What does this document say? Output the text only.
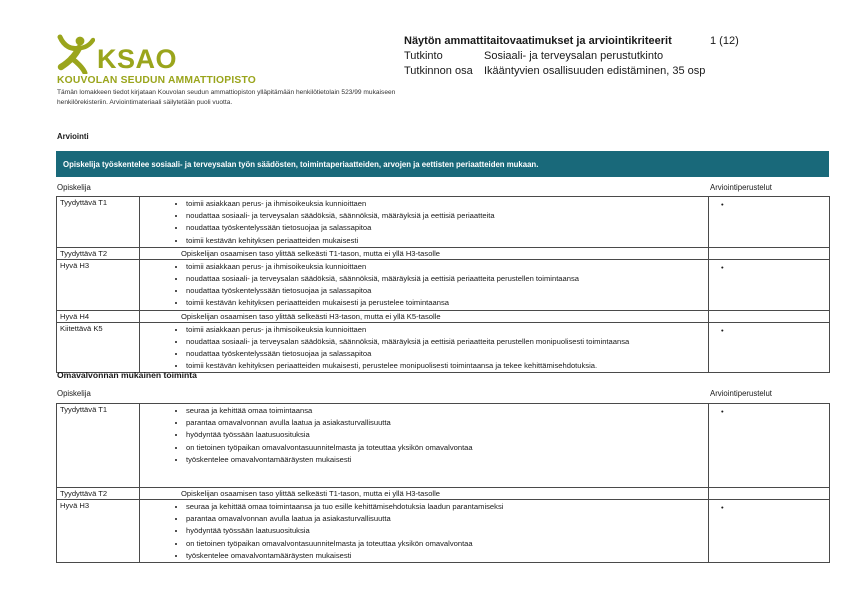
KSAO
KOUVOLAN SEUDUN AMMATTIOPISTO
Tämän lomakkeen tiedot kirjataan Kouvolan seudun ammattiopiston ylläpitämään henkilötietolain 523/99 mukaiseen henkilörekisteriin. Arviointimateriaali säilytetään puoli vuotta.
Näytön ammattitaitovaatimukset ja arviointikriteerit	1 (12)
Tutkinto	Sosiaali- ja terveysalan perustutkinto
Tutkinnon osa	Ikääntyvien osallisuuden edistäminen, 35 osp
Arviointi
Opiskelija työskentelee sosiaali- ja terveysalan työn säädösten, toimintaperiaatteiden, arvojen ja eettisten periaatteiden mukaan.
Opiskelija	Arviointiperustelut
Tyydyttävä T1	
•toimii asiakkaan perus- ja ihmisoikeuksia kunnioittaen
• noudattaa sosiaali- ja terveysalan säädöksiä, säännöksiä, määräyksiä ja eettisiä periaatteita
• noudattaa työskentelyssään tietosuojaa ja salassapitoa
• toimii kestävän kehityksen periaatteiden mukaisesti
	•
Tyydyttävä T2	Opiskelijan osaamisen taso ylittää selkeästi T1-tason, mutta ei yllä H3-tasolle	
Hyvä H3	
•toimii asiakkaan perus- ja ihmisoikeuksia kunnioittaen
• noudattaa sosiaali- ja terveysalan säädöksiä, säännöksiä, määräyksiä ja eettisiä periaatteita perustellen toimintaansa
• noudattaa työskentelyssään tietosuojaa ja salassapitoa
• toimii kestävän kehityksen periaatteiden mukaisesti ja perustelee toimintaansa
	•
Hyvä H4	Opiskelijan osaamisen taso ylittää selkeästi H3-tason, mutta ei yllä K5-tasolle	
Kiitettävä K5	
•toimii asiakkaan perus- ja ihmisoikeuksia kunnioittaen
• noudattaa sosiaali- ja terveysalan säädöksiä, säännöksiä, määräyksiä ja eettisiä periaatteita perustellen monipuolisesti toimintaansa
• noudattaa työskentelyssään tietosuojaa ja salassapitoa
• toimii kestävän kehityksen periaatteiden mukaisesti, perustelee monipuolisesti toimintaansa ja tekee kehittämisehdotuksia.
	•
Omavalvonnan mukainen toiminta
Opiskelija	Arviointiperustelut
Tyydyttävä T1	
•seuraa ja kehittää omaa toimintaansa
• parantaa omavalvonnan avulla laatua ja asiakasturvallisuutta
• hyödyntää työssään laatusuosituksia
• on tietoinen työpaikan omavalvontasuunnitelmasta ja toteuttaa yksikön omavalvontaa
• työskentelee omavalvontamääräysten mukaisesti
	•
Tyydyttävä T2	Opiskelijan osaamisen taso ylittää selkeästi T1-tason, mutta ei yllä H3-tasolle	
Hyvä H3	
•seuraa ja kehittää omaa toimintaansa ja tuo esille kehittämisehdotuksia laadun parantamiseksi
• parantaa omavalvonnan avulla laatua ja asiakasturvallisuutta
• hyödyntää työssään laatusuosituksia
• on tietoinen työpaikan omavalvontasuunnitelmasta ja toteuttaa yksikön omavalvontaa
• työskentelee omavalvontamääräysten mukaisesti
	•
